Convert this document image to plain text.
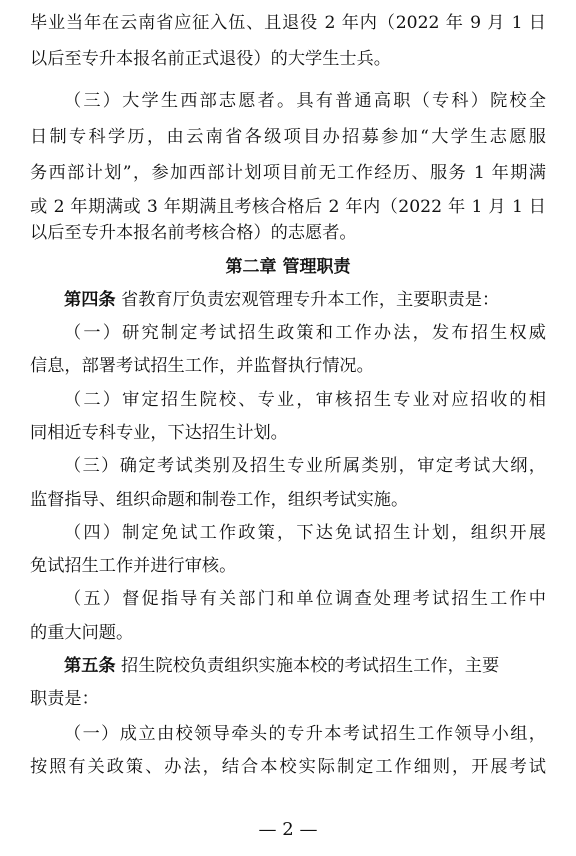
毕业当年在云南省应征入伍、且退役 2 年内（2022 年 9 月 1 日
以后至专升本报名前正式退役）的大学生士兵。
（三）大学生西部志愿者。具有普通高职（专科）院校全
日制专科学历，由云南省各级项目办招募参加“大学生志愿服
务西部计划”，参加西部计划项目前无工作经历、服务 1 年期满
或 2 年期满或 3 年期满且考核合格后 2 年内（2022 年 1 月 1 日
以后至专升本报名前考核合格）的志愿者。
第二章 管理职责
第四条 省教育厅负责宏观管理专升本工作，主要职责是：
（一）研究制定考试招生政策和工作办法，发布招生权威
信息，部署考试招生工作，并监督执行情况。
（二）审定招生院校、专业，审核招生专业对应招收的相
同相近专科专业，下达招生计划。
（三）确定考试类别及招生专业所属类别，审定考试大纲，
监督指导、组织命题和制卷工作，组织考试实施。
（四）制定免试工作政策，下达免试招生计划，组织开展
免试招生工作并进行审核。
（五）督促指导有关部门和单位调查处理考试招生工作中
的重大问题。
第五条 招生院校负责组织实施本校的考试招生工作，主要
职责是：
（一）成立由校领导牵头的专升本考试招生工作领导小组，
按照有关政策、办法，结合本校实际制定工作细则，开展考试
— 2 —
